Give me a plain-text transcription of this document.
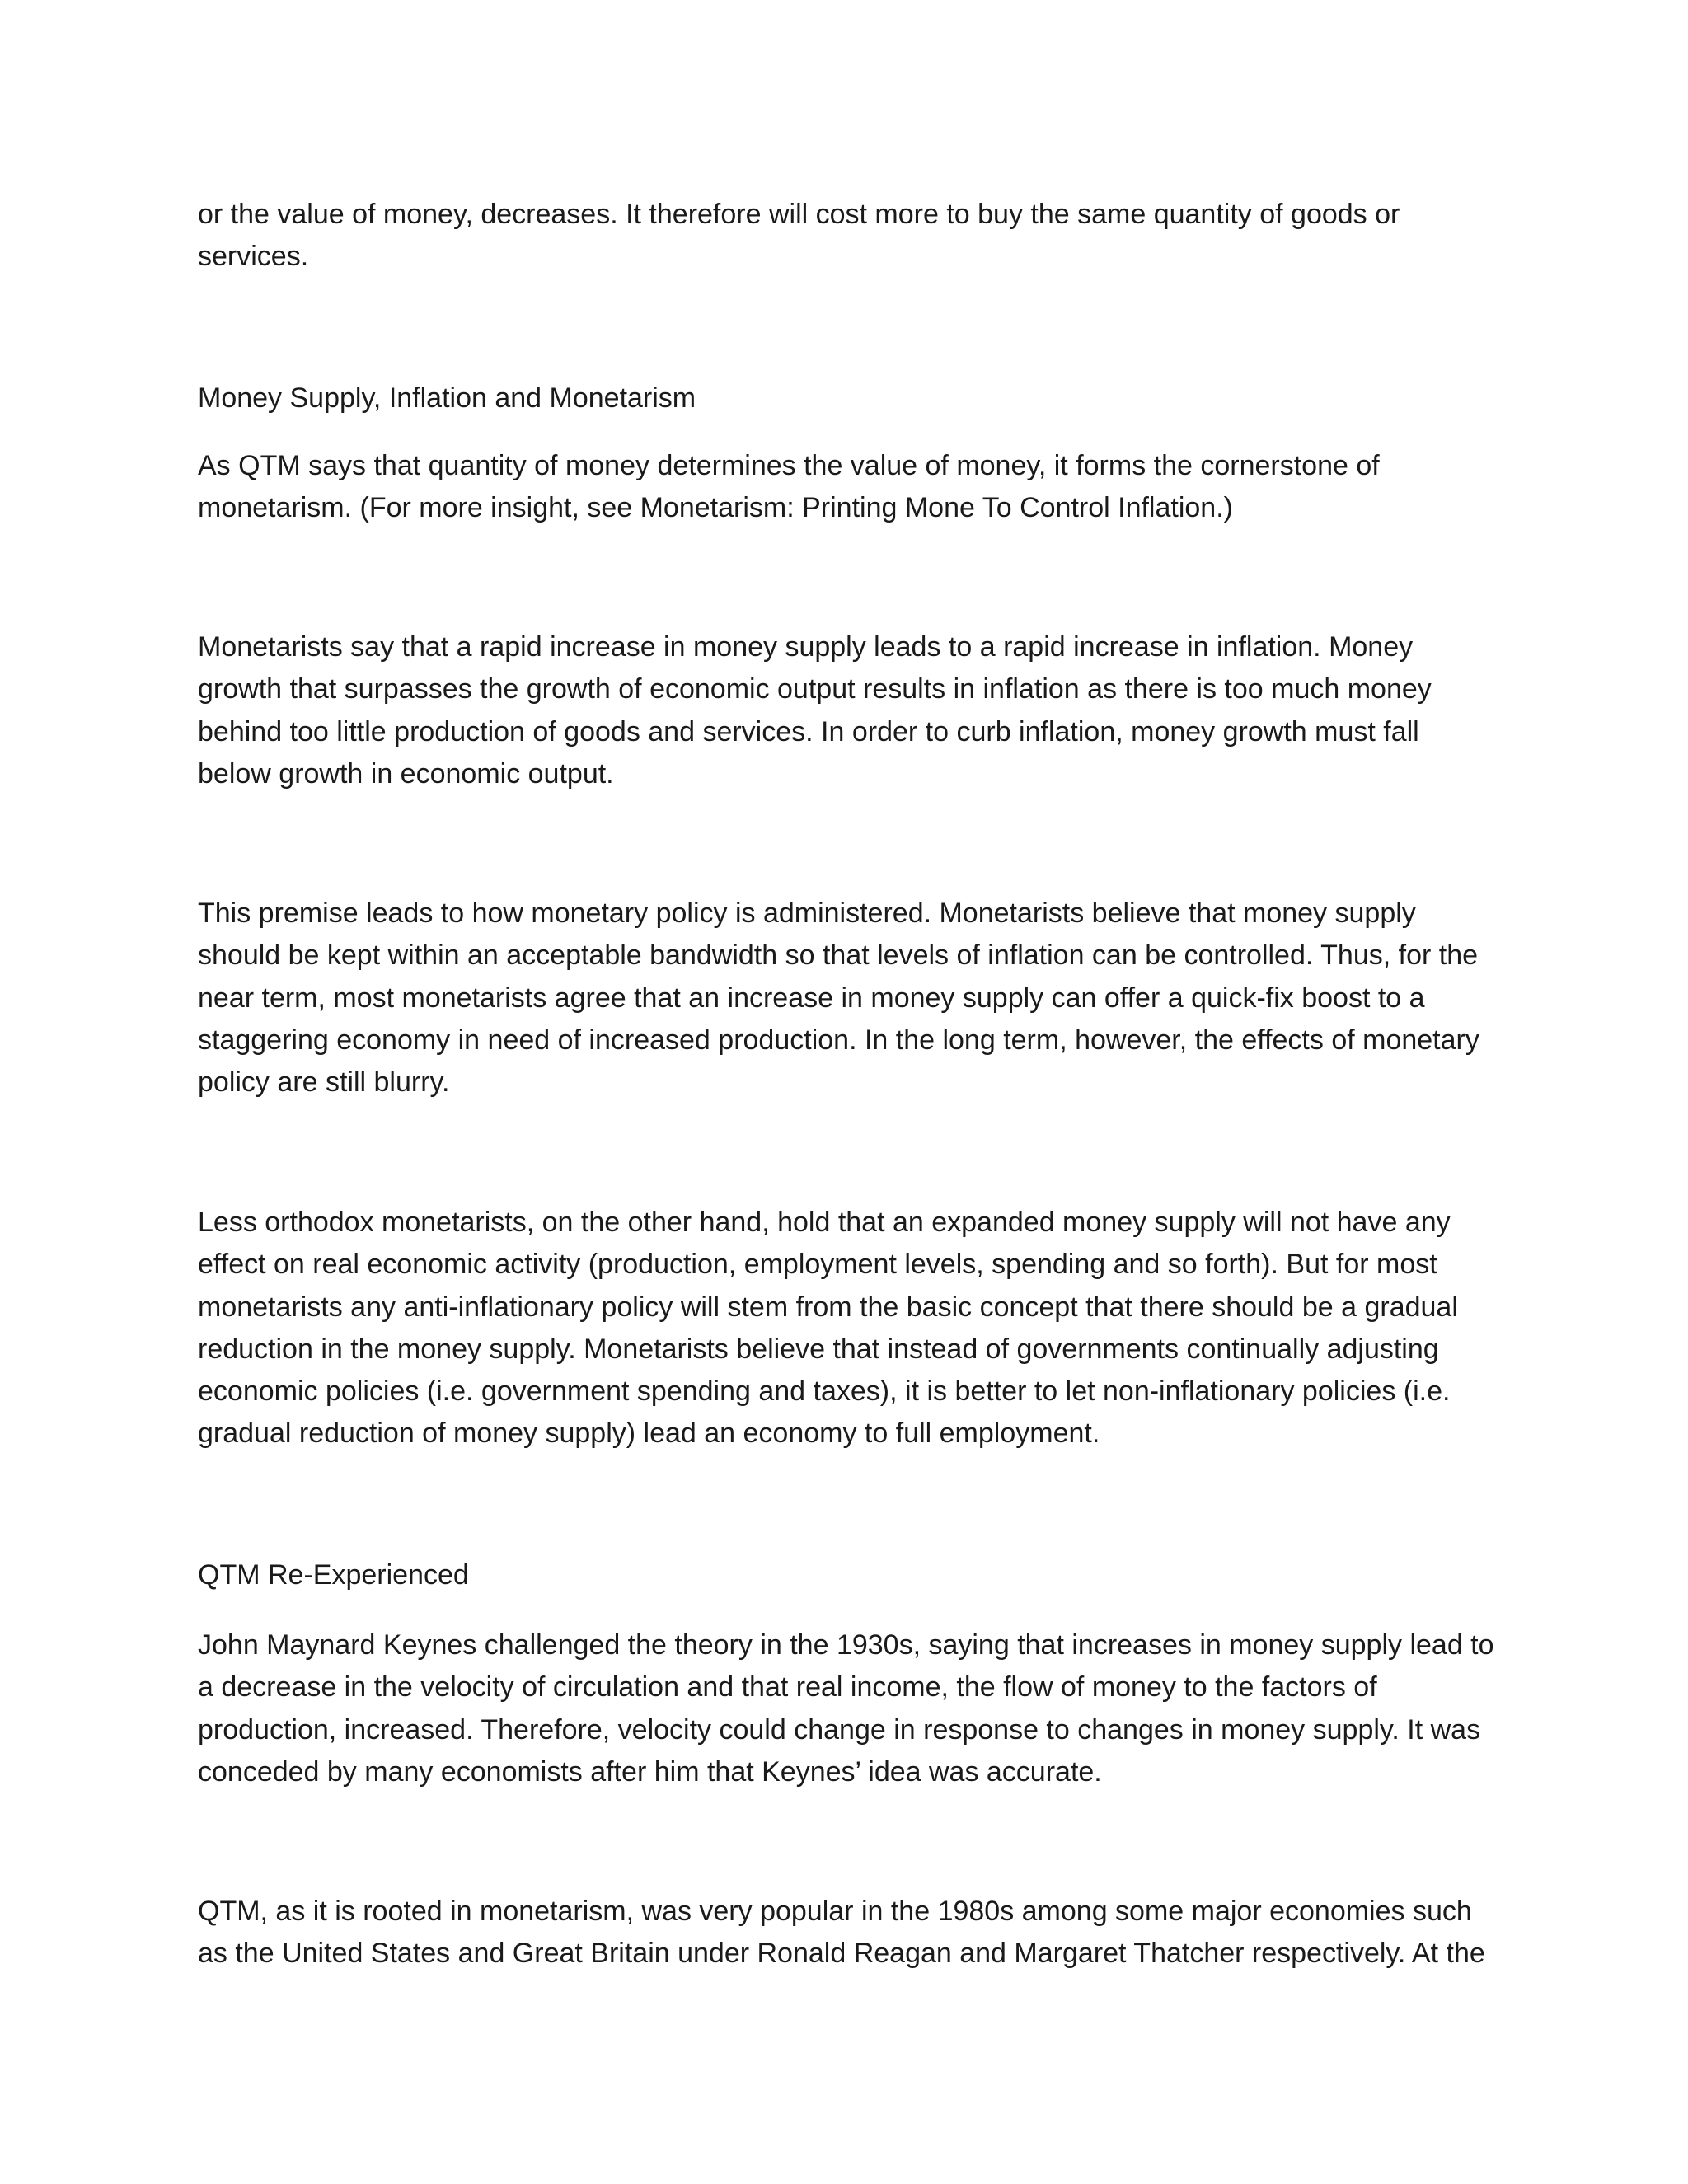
or the value of money, decreases. It therefore will cost more to buy the same quantity of goods or
services.
Money Supply, Inflation and Monetarism
As QTM says that quantity of money determines the value of money, it forms the cornerstone of
monetarism. (For more insight, see Monetarism: Printing Mone To Control Inflation.)
Monetarists say that a rapid increase in money supply leads to a rapid increase in inflation. Money
growth that surpasses the growth of economic output results in inflation as there is too much money
behind too little production of goods and services. In order to curb inflation, money growth must fall
below growth in economic output.
This premise leads to how monetary policy is administered. Monetarists believe that money supply
should be kept within an acceptable bandwidth so that levels of inflation can be controlled. Thus, for the
near term, most monetarists agree that an increase in money supply can offer a quick-fix boost to a
staggering economy in need of increased production. In the long term, however, the effects of monetary
policy are still blurry.
Less orthodox monetarists, on the other hand, hold that an expanded money supply will not have any
effect on real economic activity (production, employment levels, spending and so forth). But for most
monetarists any anti-inflationary policy will stem from the basic concept that there should be a gradual
reduction in the money supply. Monetarists believe that instead of governments continually adjusting
economic policies (i.e. government spending and taxes), it is better to let non-inflationary policies (i.e.
gradual reduction of money supply) lead an economy to full employment.
QTM Re-Experienced
John Maynard Keynes challenged the theory in the 1930s, saying that increases in money supply lead to
a decrease in the velocity of circulation and that real income, the flow of money to the factors of
production, increased. Therefore, velocity could change in response to changes in money supply. It was
conceded by many economists after him that Keynes’ idea was accurate.
QTM, as it is rooted in monetarism, was very popular in the 1980s among some major economies such
as the United States and Great Britain under Ronald Reagan and Margaret Thatcher respectively. At the
